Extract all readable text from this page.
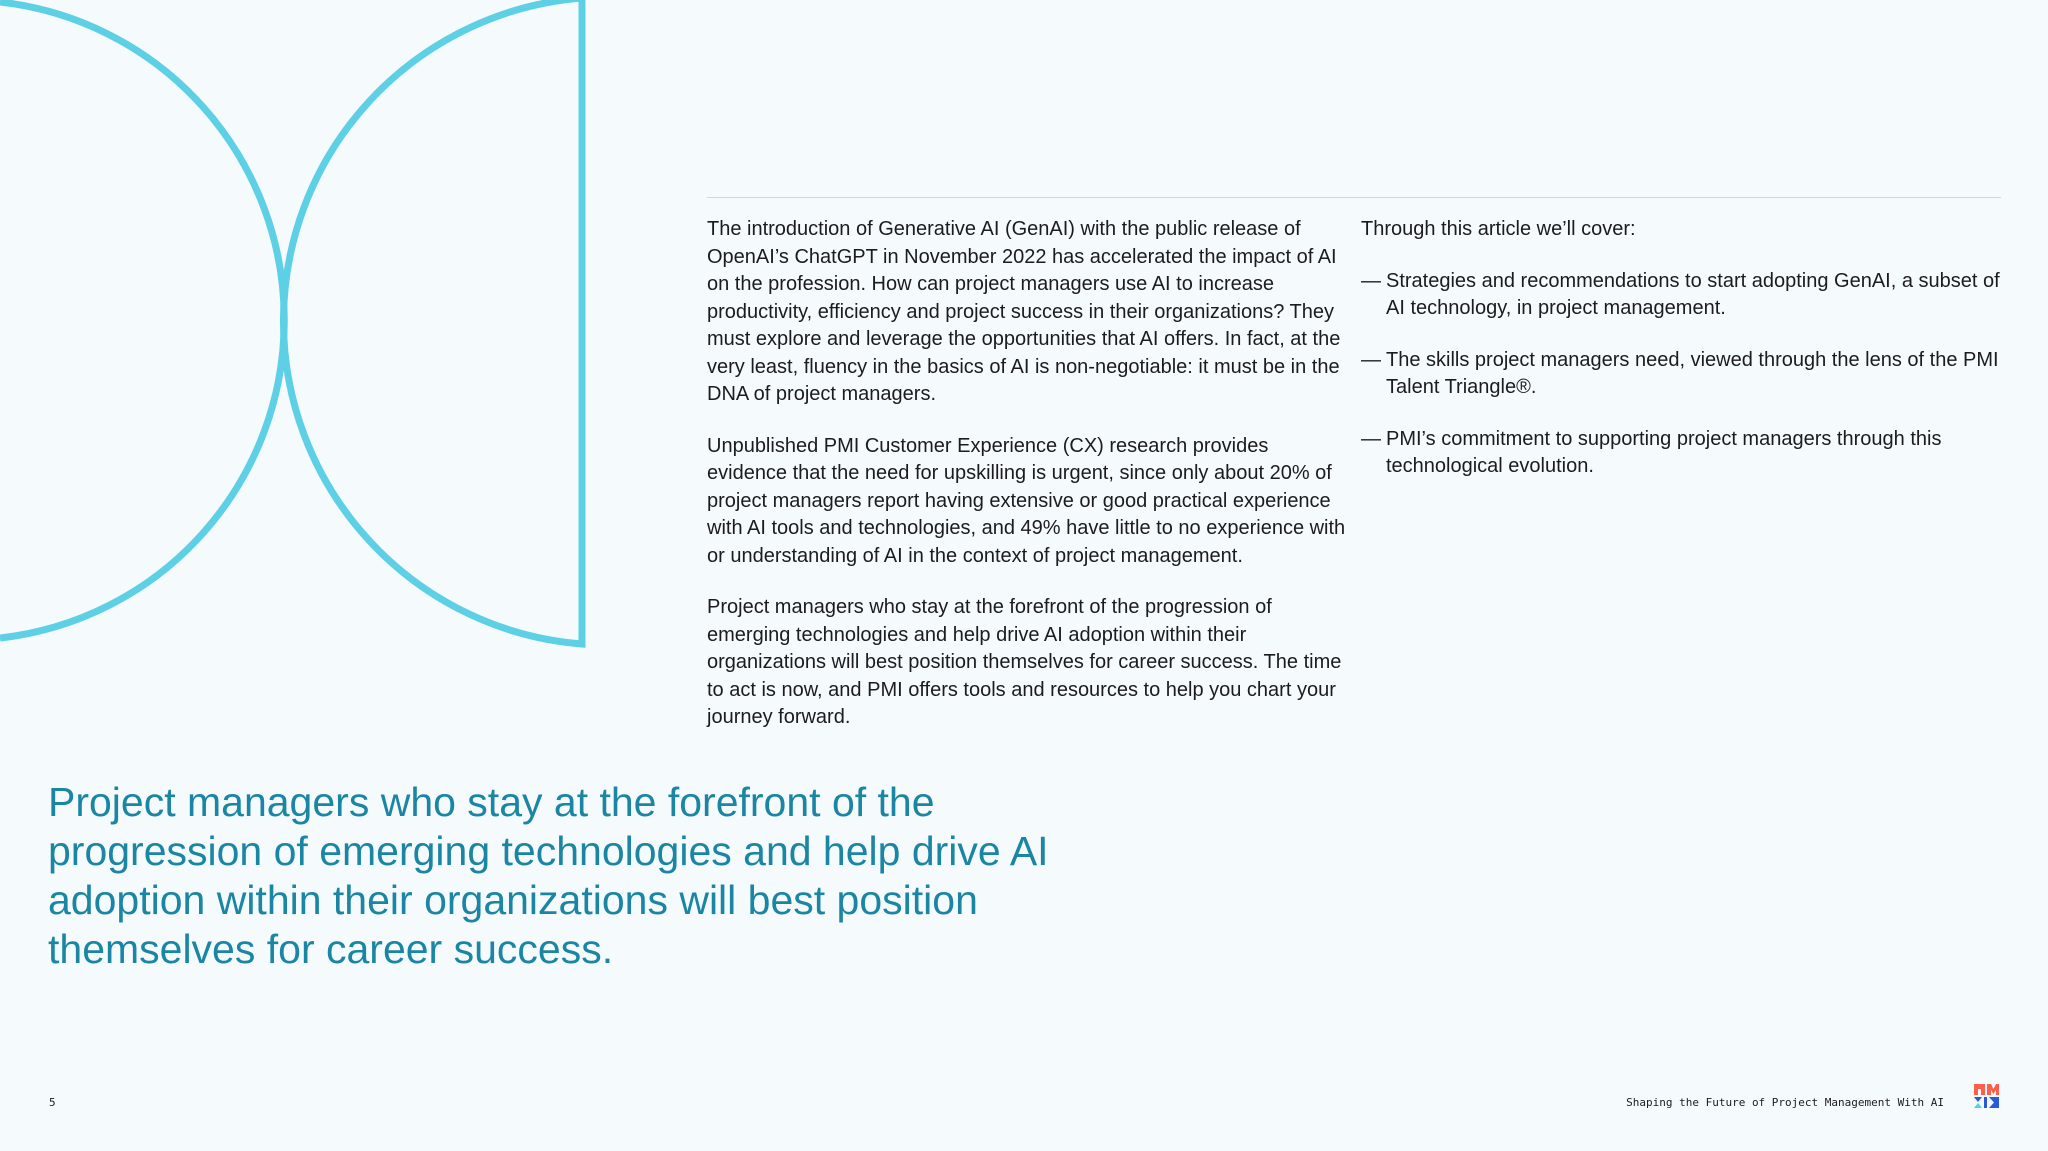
The introduction of Generative AI (GenAI) with the public release of OpenAI’s ChatGPT in November 2022 has accelerated the impact of AI on the profession. How can project managers use AI to increase productivity, efficiency and project success in their organizations? They must explore and leverage the opportunities that AI offers. In fact, at the very least, fluency in the basics of AI is non-negotiable: it must be in the DNA of project managers.

Unpublished PMI Customer Experience (CX) research provides evidence that the need for upskilling is urgent, since only about 20% of project managers report having extensive or good practical experience with AI tools and technologies, and 49% have little to no experience with or understanding of AI in the context of project management.

Project managers who stay at the forefront of the progression of emerging technologies and help drive AI adoption within their organizations will best position themselves for career success. The time to act is now, and PMI offers tools and resources to help you chart your journey forward.

Through this article we’ll cover:

— Strategies and recommendations to start adopting GenAI, a subset of AI technology, in project management.
— The skills project managers need, viewed through the lens of the PMI Talent Triangle®.
— PMI’s commitment to supporting project managers through this technological evolution.
Project managers who stay at the forefront of the progression of emerging technologies and help drive AI adoption within their organizations will best position themselves for career success.
5	Shaping the Future of Project Management With AI
